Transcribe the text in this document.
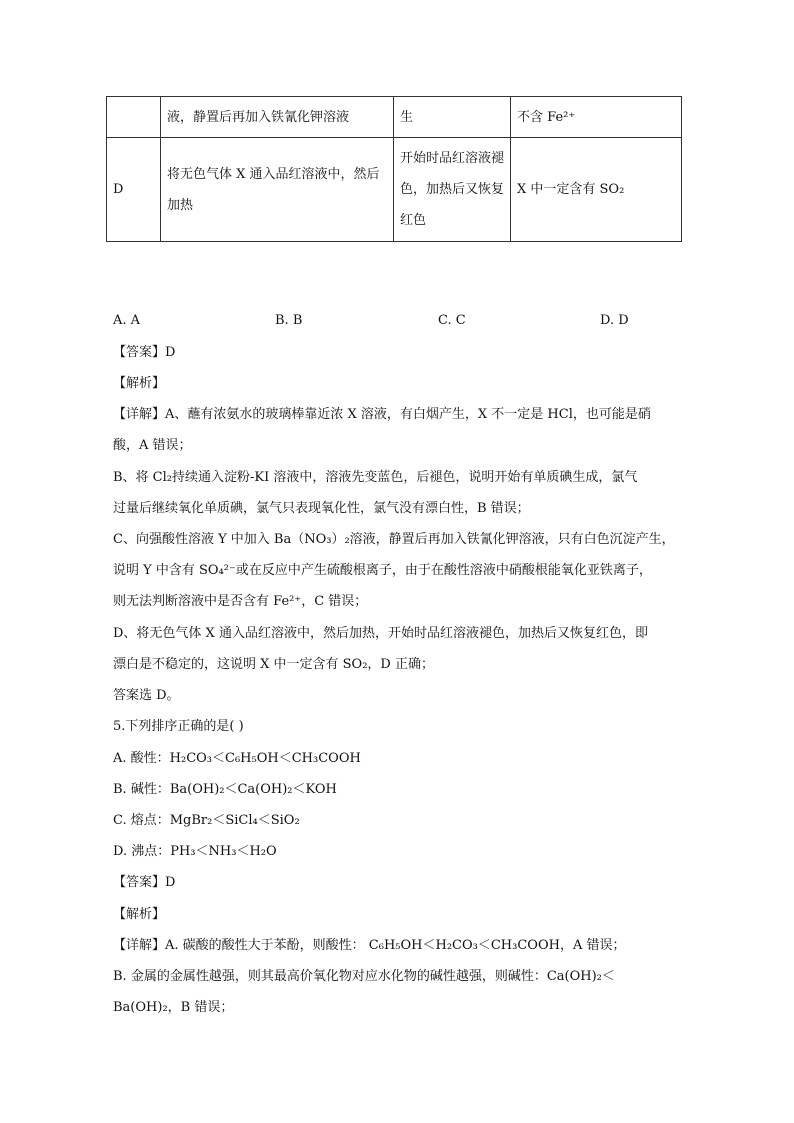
	液，静置后再加入铁氰化钾溶液	生	不含 Fe²⁺
D	将无色气体 X 通入品红溶液中，然后加热	开始时品红溶液褪色，加热后又恢复红色	X 中一定含有 SO₂
A. A	B. B	C. C	D. D
【答案】D
【解析】
【详解】A、蘸有浓氨水的玻璃棒靠近浓 X 溶液，有白烟产生，X 不一定是 HCl，也可能是硝
酸，A 错误；
B、将 Cl₂持续通入淀粉-KI 溶液中，溶液先变蓝色，后褪色，说明开始有单质碘生成，氯气
过量后继续氧化单质碘，氯气只表现氧化性，氯气没有漂白性，B 错误；
C、向强酸性溶液 Y 中加入 Ba（NO₃）₂溶液，静置后再加入铁氰化钾溶液，只有白色沉淀产生，
说明 Y 中含有 SO₄²⁻或在反应中产生硫酸根离子，由于在酸性溶液中硝酸根能氧化亚铁离子，
则无法判断溶液中是否含有 Fe²⁺，C 错误；
D、将无色气体 X 通入品红溶液中，然后加热，开始时品红溶液褪色，加热后又恢复红色，即
漂白是不稳定的，这说明 X 中一定含有 SO₂，D 正确；
答案选 D。
5.下列排序正确的是( )
A. 酸性：H₂CO₃＜C₆H₅OH＜CH₃COOH
B. 碱性：Ba(OH)₂＜Ca(OH)₂＜KOH
C. 熔点：MgBr₂＜SiCl₄＜SiO₂
D. 沸点：PH₃＜NH₃＜H₂O
【答案】D
【解析】
【详解】A. 碳酸的酸性大于苯酚，则酸性： C₆H₅OH＜H₂CO₃＜CH₃COOH，A 错误；
B. 金属的金属性越强，则其最高价氧化物对应水化物的碱性越强，则碱性：Ca(OH)₂＜
Ba(OH)₂，B 错误；
